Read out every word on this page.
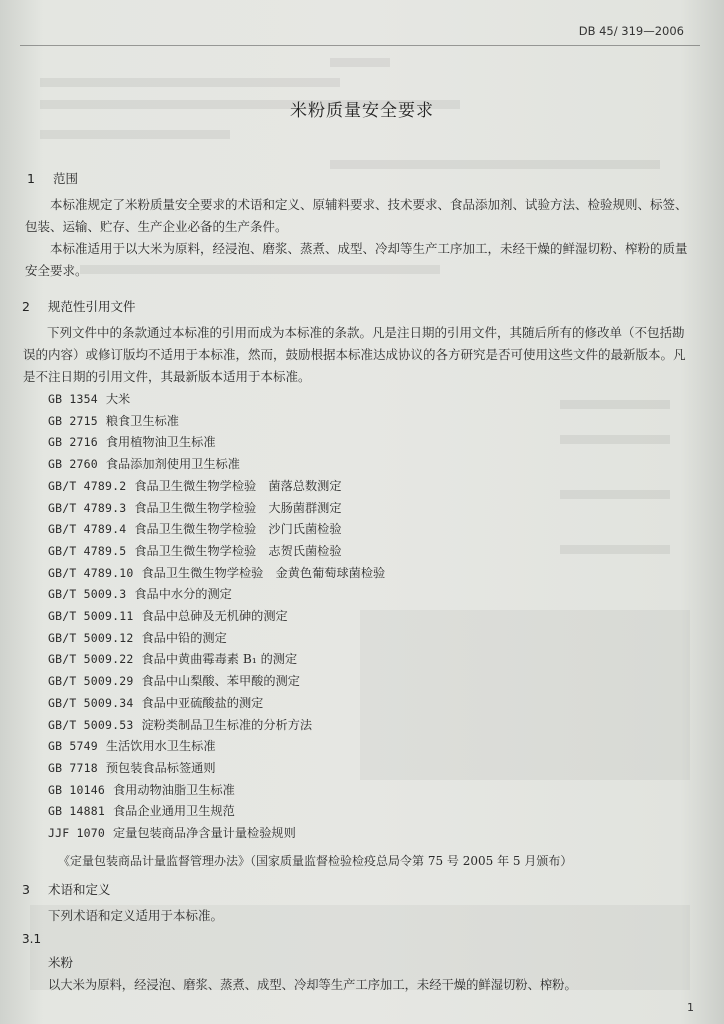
DB 45/ 319—2006
米粉质量安全要求
1 范围
本标准规定了米粉质量安全要求的术语和定义、原辅料要求、技术要求、食品添加剂、试验方法、检验规则、标签、包装、运输、贮存、生产企业必备的生产条件。
本标准适用于以大米为原料，经浸泡、磨浆、蒸煮、成型、冷却等生产工序加工，未经干燥的鲜湿切粉、榨粉的质量安全要求。
2 规范性引用文件
下列文件中的条款通过本标准的引用而成为本标准的条款。凡是注日期的引用文件，其随后所有的修改单（不包括勘误的内容）或修订版均不适用于本标准，然而，鼓励根据本标准达成协议的各方研究是否可使用这些文件的最新版本。凡是不注日期的引用文件，其最新版本适用于本标准。
GB 1354 大米
GB 2715 粮食卫生标准
GB 2716 食用植物油卫生标准
GB 2760 食品添加剂使用卫生标准
GB/T 4789.2 食品卫生微生物学检验　菌落总数测定
GB/T 4789.3 食品卫生微生物学检验　大肠菌群测定
GB/T 4789.4 食品卫生微生物学检验　沙门氏菌检验
GB/T 4789.5 食品卫生微生物学检验　志贺氏菌检验
GB/T 4789.10 食品卫生微生物学检验　金黄色葡萄球菌检验
GB/T 5009.3 食品中水分的测定
GB/T 5009.11 食品中总砷及无机砷的测定
GB/T 5009.12 食品中铅的测定
GB/T 5009.22 食品中黄曲霉毒素 B₁ 的测定
GB/T 5009.29 食品中山梨酸、苯甲酸的测定
GB/T 5009.34 食品中亚硫酸盐的测定
GB/T 5009.53 淀粉类制品卫生标准的分析方法
GB 5749 生活饮用水卫生标准
GB 7718 预包装食品标签通则
GB 10146 食用动物油脂卫生标准
GB 14881 食品企业通用卫生规范
JJF 1070 定量包装商品净含量计量检验规则
《定量包装商品计量监督管理办法》（国家质量监督检验检疫总局令第 75 号 2005 年 5 月颁布）
3 术语和定义
下列术语和定义适用于本标准。
3.1
米粉
以大米为原料，经浸泡、磨浆、蒸煮、成型、冷却等生产工序加工，未经干燥的鲜湿切粉、榨粉。
1
